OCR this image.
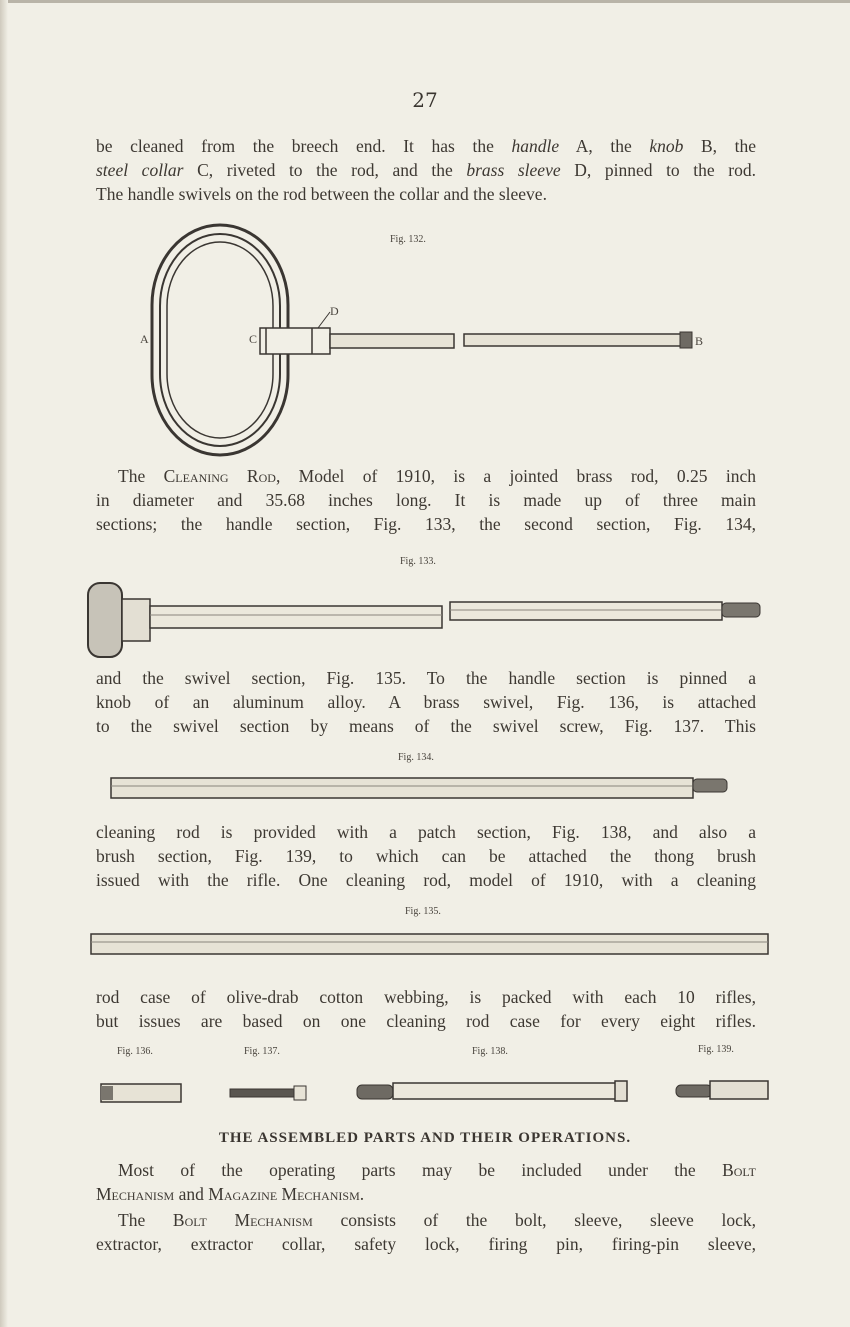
27
be cleaned from the breech end. It has the handle A, the knob B, the
steel collar C, riveted to the rod, and the brass sleeve D, pinned to the rod.
The handle swivels on the rod between the collar and the sleeve.
Fig. 132.
A	C
D
B
The Cleaning Rod, Model of 1910, is a jointed brass rod, 0.25 inch
in diameter and 35.68 inches long. It is made up of three main
sections; the handle section, Fig. 133, the second section, Fig. 134,
Fig. 133.
and the swivel section, Fig. 135. To the handle section is pinned a
knob of an aluminum alloy. A brass swivel, Fig. 136, is attached
to the swivel section by means of the swivel screw, Fig. 137. This
Fig. 134.
cleaning rod is provided with a patch section, Fig. 138, and also a
brush section, Fig. 139, to which can be attached the thong brush
issued with the rifle. One cleaning rod, model of 1910, with a cleaning
Fig. 135.
rod case of olive-drab cotton webbing, is packed with each 10 rifles,
but issues are based on one cleaning rod case for every eight rifles.
Fig. 136.	Fig. 137.	Fig. 138.	Fig. 139.
THE ASSEMBLED PARTS AND THEIR OPERATIONS.
Most of the operating parts may be included under the Bolt
Mechanism and Magazine Mechanism.
The Bolt Mechanism consists of the bolt, sleeve, sleeve lock,
extractor, extractor collar, safety lock, firing pin, firing-pin sleeve,
